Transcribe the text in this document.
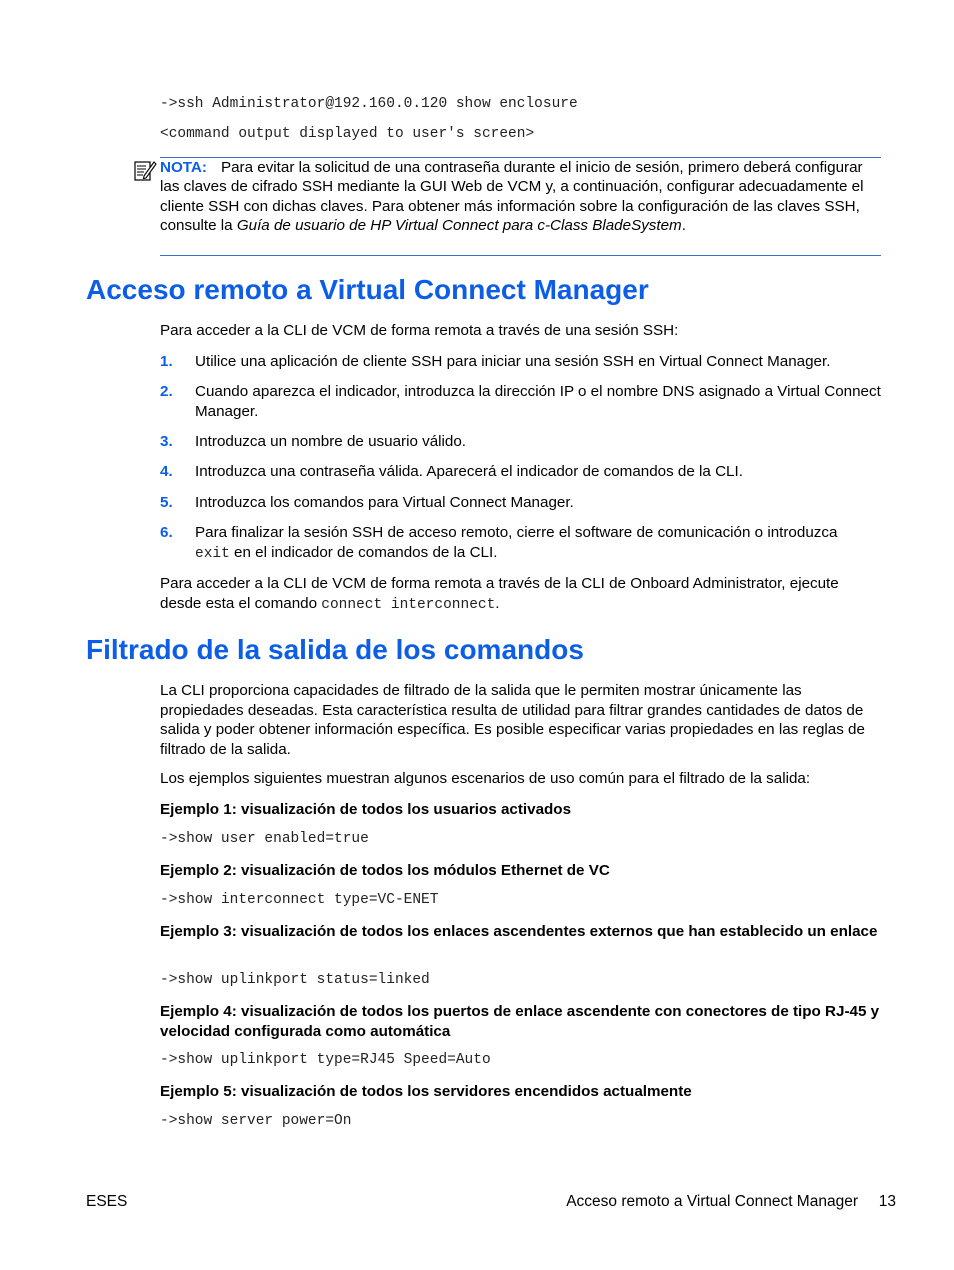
->ssh Administrator@192.160.0.120 show enclosure
<command output displayed to user's screen>
NOTA: Para evitar la solicitud de una contraseña durante el inicio de sesión, primero deberá configurar las claves de cifrado SSH mediante la GUI Web de VCM y, a continuación, configurar adecuadamente el cliente SSH con dichas claves. Para obtener más información sobre la configuración de las claves SSH, consulte la Guía de usuario de HP Virtual Connect para c-Class BladeSystem.
Acceso remoto a Virtual Connect Manager
Para acceder a la CLI de VCM de forma remota a través de una sesión SSH:
1.	Utilice una aplicación de cliente SSH para iniciar una sesión SSH en Virtual Connect Manager.
2.	Cuando aparezca el indicador, introduzca la dirección IP o el nombre DNS asignado a Virtual Connect Manager.
3.	Introduzca un nombre de usuario válido.
4.	Introduzca una contraseña válida. Aparecerá el indicador de comandos de la CLI.
5.	Introduzca los comandos para Virtual Connect Manager.
6.	Para finalizar la sesión SSH de acceso remoto, cierre el software de comunicación o introduzca
exit en el indicador de comandos de la CLI.
Para acceder a la CLI de VCM de forma remota a través de la CLI de Onboard Administrator, ejecute desde esta el comando connect interconnect.
Filtrado de la salida de los comandos
La CLI proporciona capacidades de filtrado de la salida que le permiten mostrar únicamente las propiedades deseadas. Esta característica resulta de utilidad para filtrar grandes cantidades de datos de salida y poder obtener información específica. Es posible especificar varias propiedades en las reglas de filtrado de la salida.
Los ejemplos siguientes muestran algunos escenarios de uso común para el filtrado de la salida:
Ejemplo 1: visualización de todos los usuarios activados
->show user enabled=true
Ejemplo 2: visualización de todos los módulos Ethernet de VC
->show interconnect type=VC-ENET
Ejemplo 3: visualización de todos los enlaces ascendentes externos que han establecido un enlace
->show uplinkport status=linked
Ejemplo 4: visualización de todos los puertos de enlace ascendente con conectores de tipo RJ-45 y velocidad configurada como automática
->show uplinkport type=RJ45 Speed=Auto
Ejemplo 5: visualización de todos los servidores encendidos actualmente
->show server power=On
ESES	Acceso remoto a Virtual Connect Manager 13
